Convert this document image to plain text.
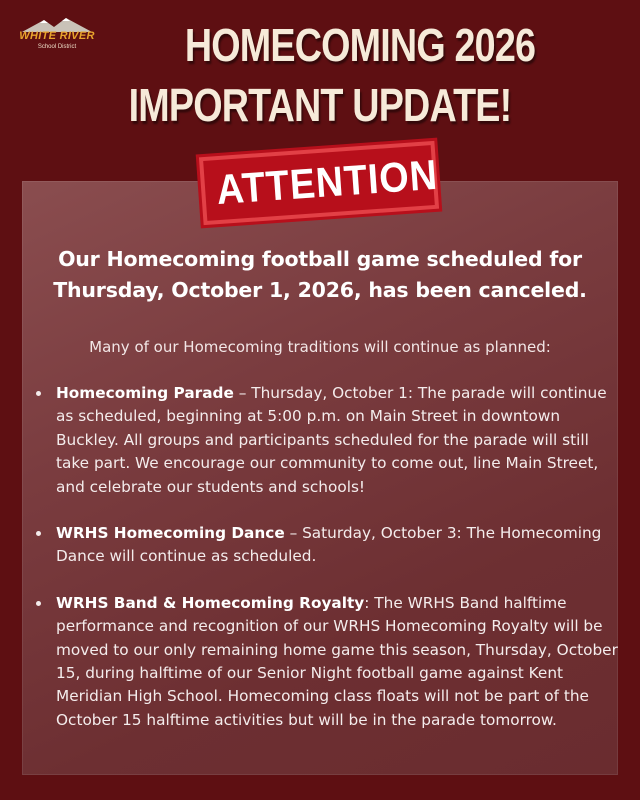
WHITE RIVER
School District	HOMECOMING 2026
IMPORTANT UPDATE!
ATTENTION
Our Homecoming football game scheduled for Thursday, October 1, 2026, has been canceled.
Many of our Homecoming traditions will continue as planned:
• Homecoming Parade – Thursday, October 1: The parade will continue as scheduled, beginning at 5:00 p.m. on Main Street in downtown Buckley. All groups and participants scheduled for the parade will still take part. We encourage our community to come out, line Main Street, and celebrate our students and schools!
• WRHS Homecoming Dance – Saturday, October 3: The Homecoming Dance will continue as scheduled.
• WRHS Band & Homecoming Royalty: The WRHS Band halftime performance and recognition of our WRHS Homecoming Royalty will be moved to our only remaining home game this season, Thursday, October 15, during halftime of our Senior Night football game against Kent Meridian High School. Homecoming class floats will not be part of the October 15 halftime activities but will be in the parade tomorrow.
